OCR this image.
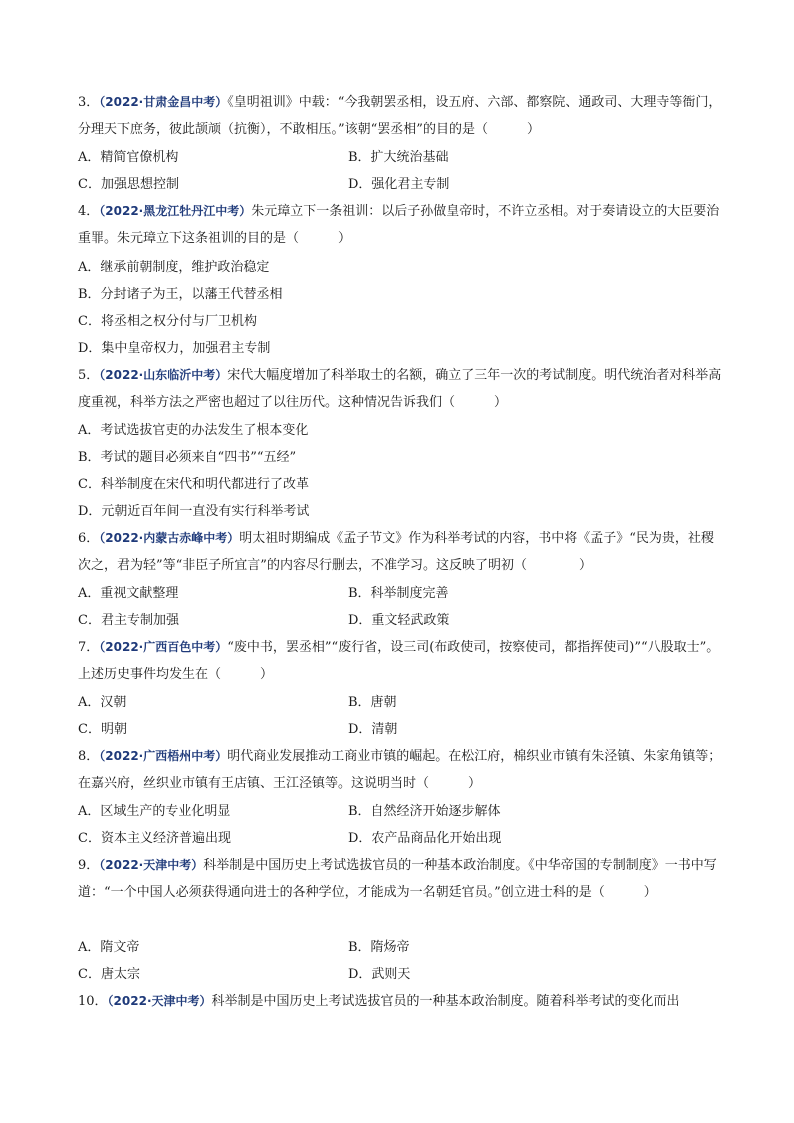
3．（2022·甘肃金昌中考）《皇明祖训》中载：“今我朝罢丞相，设五府、六部、都察院、通政司、大理寺等衙门，分理天下庶务，彼此颉颃（抗衡），不敢相压。”该朝“罢丞相”的目的是（　　　）

A．精简官僚机构	B．扩大统治基础
C．加强思想控制	D．强化君主专制

4．（2022·黑龙江牡丹江中考）朱元璋立下一条祖训：以后子孙做皇帝时，不许立丞相。对于奏请设立的大臣要治重罪。朱元璋立下这条祖训的目的是（　　　）

A．继承前朝制度，维护政治稳定
B．分封诸子为王，以藩王代替丞相
C．将丞相之权分付与厂卫机构
D．集中皇帝权力，加强君主专制

5．（2022·山东临沂中考）宋代大幅度增加了科举取士的名额，确立了三年一次的考试制度。明代统治者对科举高度重视，科举方法之严密也超过了以往历代。这种情况告诉我们（　　　）

A．考试选拔官吏的办法发生了根本变化
B．考试的题目必须来自“四书”“五经”
C．科举制度在宋代和明代都进行了改革
D．元朝近百年间一直没有实行科举考试

6．（2022·内蒙古赤峰中考）明太祖时期编成《孟子节文》作为科举考试的内容，书中将《孟子》“民为贵，社稷次之，君为轻”等“非臣子所宜言”的内容尽行删去，不准学习。这反映了明初（　　　　）

A．重视文献整理	B．科举制度完善
C．君主专制加强	D．重文轻武政策

7．（2022·广西百色中考）“废中书，罢丞相”“废行省，设三司(布政使司，按察使司，都指挥使司)”“八股取士”。上述历史事件均发生在（　　　）

A．汉朝	B．唐朝
C．明朝	D．清朝

8．（2022·广西梧州中考）明代商业发展推动工商业市镇的崛起。在松江府，棉织业市镇有朱泾镇、朱家角镇等；在嘉兴府，丝织业市镇有王店镇、王江泾镇等。这说明当时（　　　）

A．区域生产的专业化明显	B．自然经济开始逐步解体
C．资本主义经济普遍出现	D．农产品商品化开始出现

9．（2022·天津中考）科举制是中国历史上考试选拔官员的一种基本政治制度。《中华帝国的专制制度》一书中写道：“一个中国人必须获得通向进士的各种学位，才能成为一名朝廷官员。”创立进士科的是（　　　）

A．隋文帝	B．隋炀帝
C．唐太宗	D．武则天

10．（2022·天津中考）科举制是中国历史上考试选拔官员的一种基本政治制度。随着科举考试的变化而出
